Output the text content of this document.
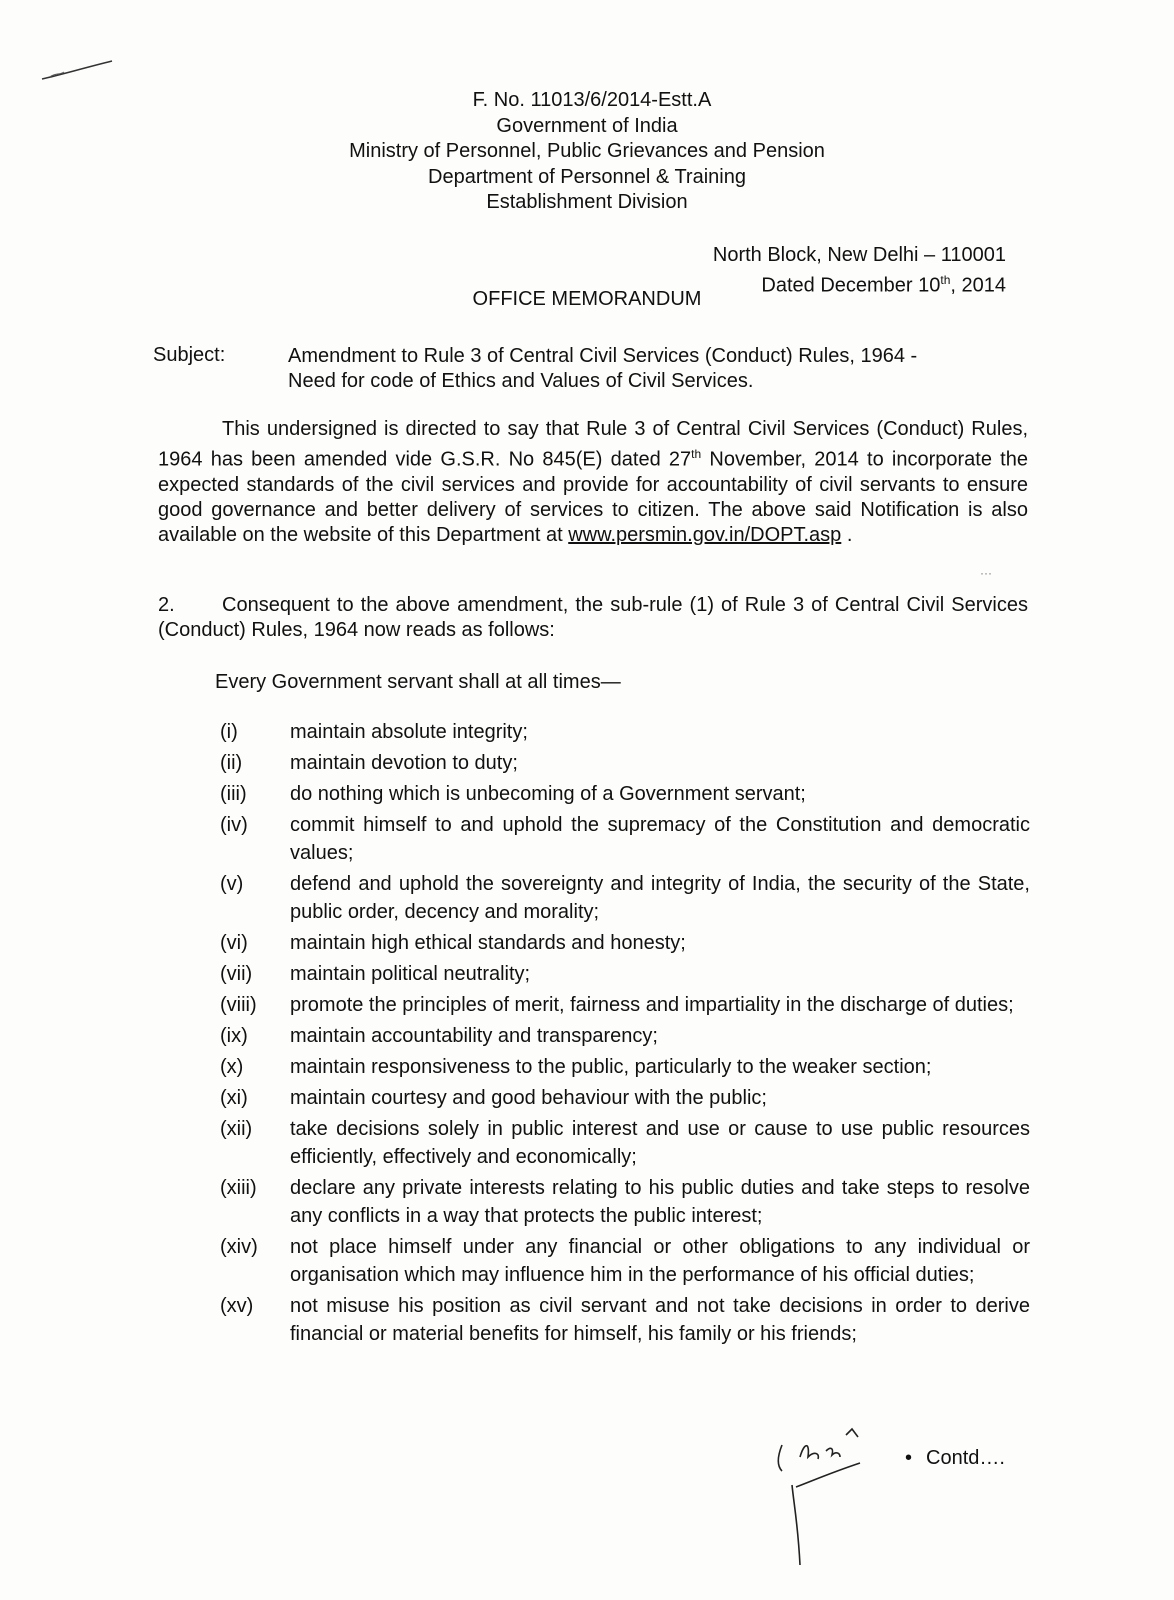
F. No. 11013/6/2014-Estt.A
Government of India
Ministry of Personnel, Public Grievances and Pension
Department of Personnel & Training
Establishment Division
North Block, New Delhi – 110001
Dated December 10th, 2014
OFFICE MEMORANDUM
Subject:	Amendment to Rule 3 of Central Civil Services (Conduct) Rules, 1964 -
Need for code of Ethics and Values of Civil Services.
This undersigned is directed to say that Rule 3 of Central Civil Services (Conduct) Rules, 1964 has been amended vide G.S.R. No 845(E) dated 27th November, 2014 to incorporate the expected standards of the civil services and provide for accountability of civil servants to ensure good governance and better delivery of services to citizen. The above said Notification is also available on the website of this Department at www.persmin.gov.in/DOPT.asp .
···
2. Consequent to the above amendment, the sub-rule (1) of Rule 3 of Central Civil Services (Conduct) Rules, 1964 now reads as follows:
Every Government servant shall at all times—
(i)	maintain absolute integrity;
(ii)	maintain devotion to duty;
(iii)	do nothing which is unbecoming of a Government servant;
(iv)	commit himself to and uphold the supremacy of the Constitution and democratic values;
(v)	defend and uphold the sovereignty and integrity of India, the security of the State, public order, decency and morality;
(vi)	maintain high ethical standards and honesty;
(vii)	maintain political neutrality;
(viii)	promote the principles of merit, fairness and impartiality in the discharge of duties;
(ix)	maintain accountability and transparency;
(x)	maintain responsiveness to the public, particularly to the weaker section;
(xi)	maintain courtesy and good behaviour with the public;
(xii)	take decisions solely in public interest and use or cause to use public resources efficiently, effectively and economically;
(xiii)	declare any private interests relating to his public duties and take steps to resolve any conflicts in a way that protects the public interest;
(xiv)	not place himself under any financial or other obligations to any individual or organisation which may influence him in the performance of his official duties;
(xv)	not misuse his position as civil servant and not take decisions in order to derive financial or material benefits for himself, his family or his friends;
• Contd….
